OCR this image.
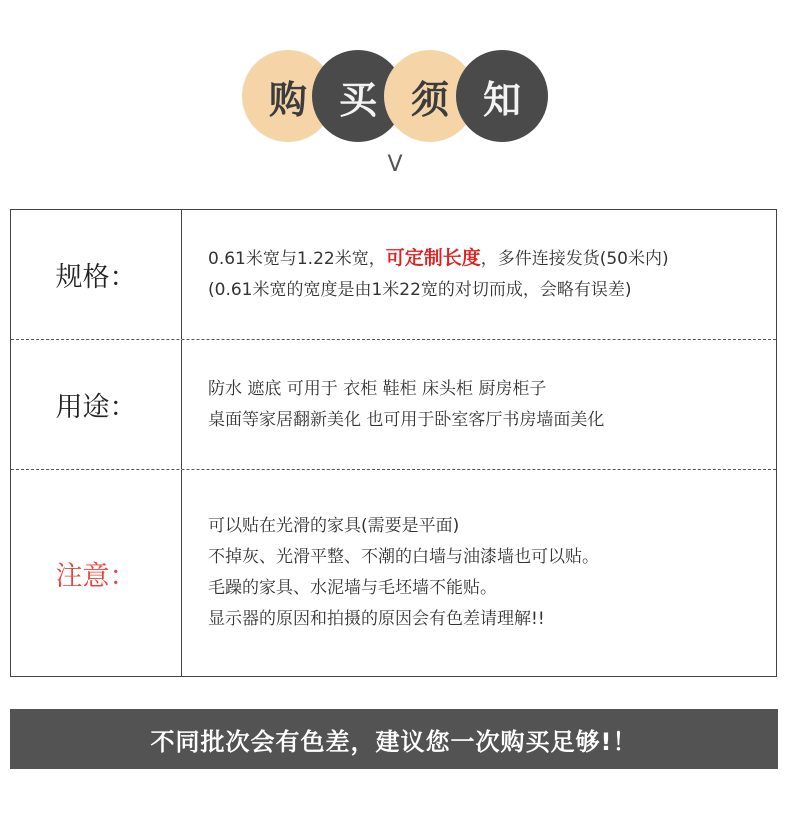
购 买 须 知
V
规格：
0.61米宽与1.22米宽，可定制长度，多件连接发货(50米内)
(0.61米宽的宽度是由1米22宽的对切而成，会略有误差)
用途：
防水 遮底 可用于 衣柜 鞋柜 床头柜 厨房柜子
桌面等家居翻新美化 也可用于卧室客厅书房墙面美化
注意：
可以贴在光滑的家具(需要是平面)
不掉灰、光滑平整、不潮的白墙与油漆墙也可以贴。
毛躁的家具、水泥墙与毛坯墙不能贴。
显示器的原因和拍摄的原因会有色差请理解!!
不同批次会有色差，建议您一次购买足够!！
